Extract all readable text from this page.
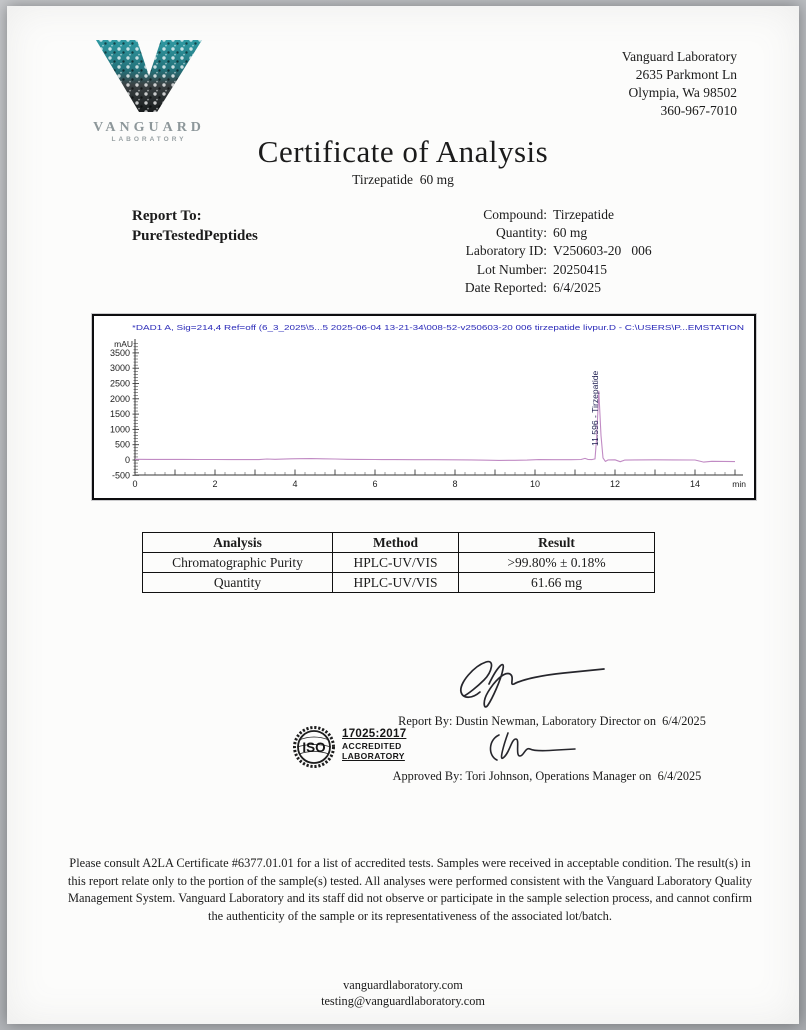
VANGUARD
LABORATORY
Vanguard Laboratory
2635 Parkmont Ln
Olympia, Wa 98502
360-967-7010
Certificate of Analysis
Tirzepatide  60 mg
Report To:
PureTestedPeptides
Compound: Tirzepatide
Quantity: 60 mg
Laboratory ID: V250603-20   006
Lot Number: 20250415
Date Reported: 6/4/2025
*DAD1 A, Sig=214,4 Ref=off (6_3_2025\5...5 2025-06-04 13-21-34\008-52-v250603-20 006 tirzepatide livpur.D - C:\USERS\P...EMSTATION
mAU
-500
0
500
1000
1500
2000
2500
3000
3500
0	2	4	6	8	10	12	14	min
11.596 - Tirzepatide
Analysis	Method	Result
Chromatographic Purity	HPLC-UV/VIS	>99.80% ± 0.18%
Quantity	HPLC-UV/VIS	61.66 mg
Report By: Dustin Newman, Laboratory Director on  6/4/2025
ISO
17025:2017
ACCREDITED
LABORATORY
Approved By: Tori Johnson, Operations Manager on  6/4/2025
Please consult A2LA Certificate #6377.01.01 for a list of accredited tests. Samples were received in acceptable condition. The result(s) in this report relate only to the portion of the sample(s) tested. All analyses were performed consistent with the Vanguard Laboratory Quality Management System. Vanguard Laboratory and its staff did not observe or participate in the sample selection process, and cannot confirm the authenticity of the sample or its representativeness of the associated lot/batch.
vanguardlaboratory.com
testing@vanguardlaboratory.com
